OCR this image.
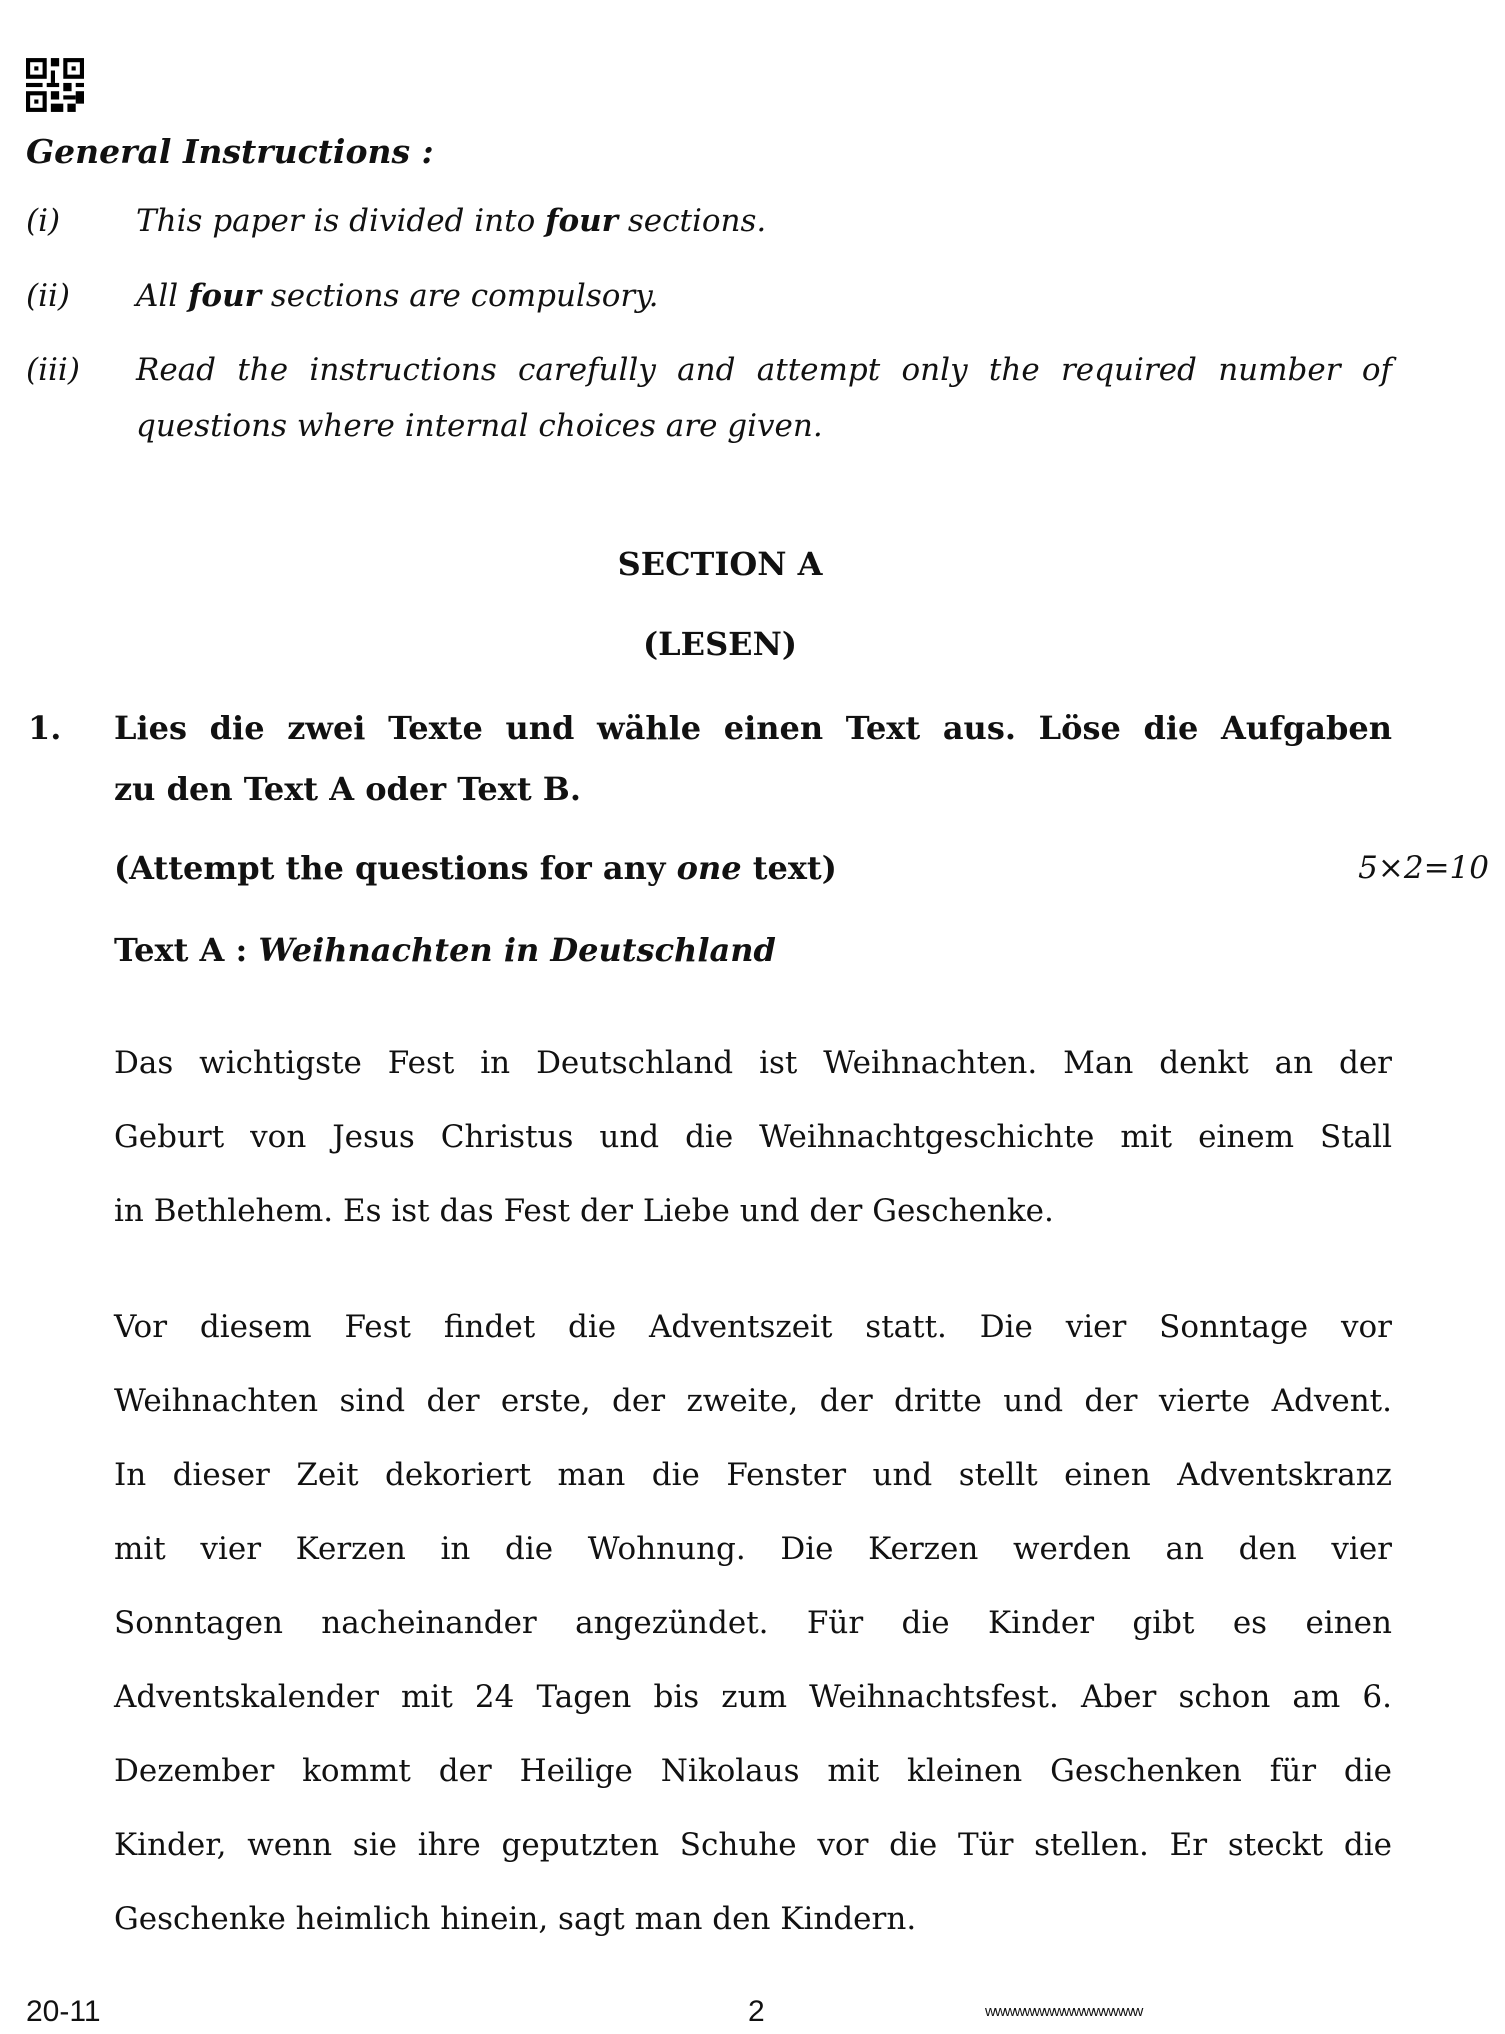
General Instructions :
(i) This paper is divided into four sections.
(ii) All four sections are compulsory.
(iii) Read the instructions carefully and attempt only the required number of
questions where internal choices are given.
SECTION A
(LESEN)
1. Lies die zwei Texte und wähle einen Text aus. Löse die Aufgaben
zu den Text A oder Text B.
(Attempt the questions for any one text)	5×2=10
Text A : Weihnachten in Deutschland
Das wichtigste Fest in Deutschland ist Weihnachten. Man denkt an der
Geburt von Jesus Christus und die Weihnachtgeschichte mit einem Stall
in Bethlehem. Es ist das Fest der Liebe und der Geschenke.
Vor diesem Fest findet die Adventszeit statt. Die vier Sonntage vor
Weihnachten sind der erste, der zweite, der dritte und der vierte Advent.
In dieser Zeit dekoriert man die Fenster und stellt einen Adventskranz
mit vier Kerzen in die Wohnung. Die Kerzen werden an den vier
Sonntagen nacheinander angezündet. Für die Kinder gibt es einen
Adventskalender mit 24 Tagen bis zum Weihnachtsfest. Aber schon am 6.
Dezember kommt der Heilige Nikolaus mit kleinen Geschenken für die
Kinder, wenn sie ihre geputzten Schuhe vor die Tür stellen. Er steckt die
Geschenke heimlich hinein, sagt man den Kindern.
20-11	2	wwwwwwwwwwwwwwww
